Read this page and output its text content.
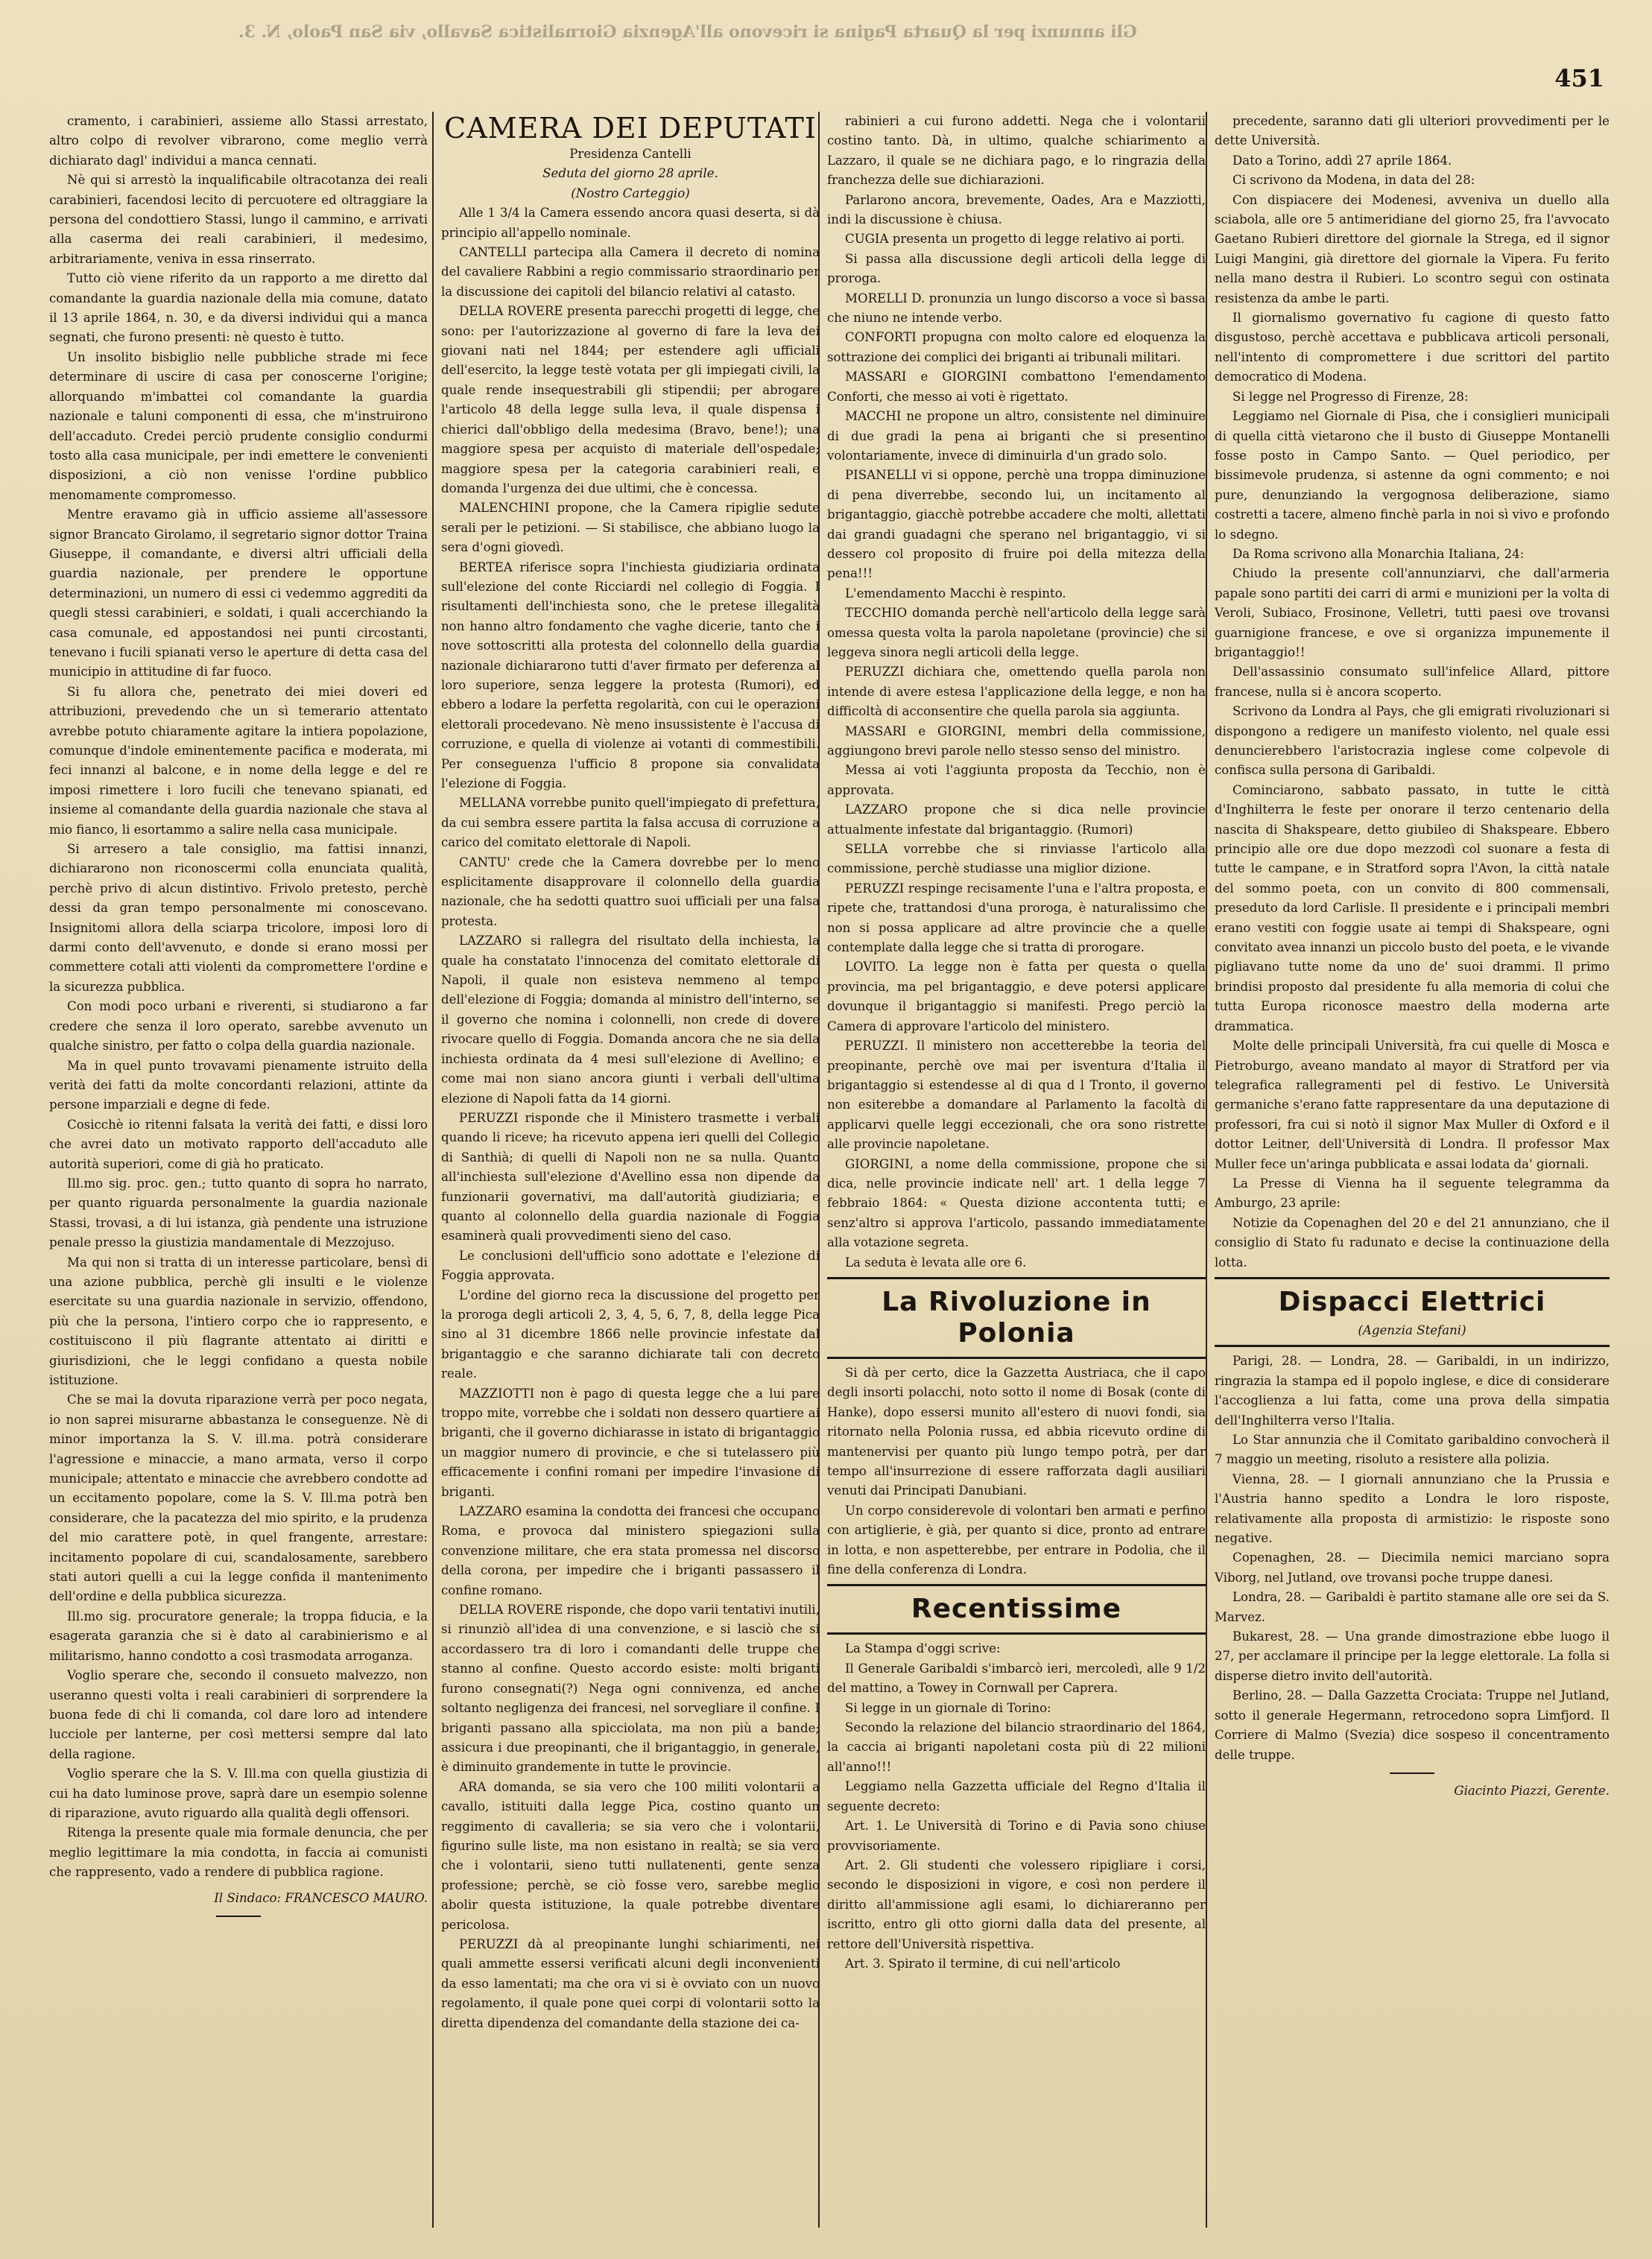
Gli annunzi per la Quarta Pagina si ricevono all'Agenzia Giornalistica Savallo, via San Paolo, N. 3.
451

cramento, i carabinieri, assieme allo Stassi arrestato, altro colpo di revolver vibrarono, come meglio verrà dichiarato dagl' individui a manca cennati.

Nè qui si arrestò la inqualificabile oltracotanza dei reali carabinieri, facendosi lecito di percuotere ed oltraggiare la persona del condottiero Stassi, lungo il cammino, e arrivati alla caserma dei reali carabinieri, il medesimo, arbitrariamente, veniva in essa rinserrato.

Tutto ciò viene riferito da un rapporto a me diretto dal comandante la guardia nazionale della mia comune, datato il 13 aprile 1864, n. 30, e da diversi individui qui a manca segnati, che furono presenti: nè questo è tutto.

Un insolito bisbiglio nelle pubbliche strade mi fece determinare di uscire di casa per conoscerne l'origine; allorquando m'imbattei col comandante la guardia nazionale e taluni componenti di essa, che m'instruirono dell'accaduto. Credei perciò prudente consiglio condurmi tosto alla casa municipale, per indi emettere le convenienti disposizioni, a ciò non venisse l'ordine pubblico menomamente compromesso.

Mentre eravamo già in ufficio assieme all'assessore signor Brancato Girolamo, il segretario signor dottor Traina Giuseppe, il comandante, e diversi altri ufficiali della guardia nazionale, per prendere le opportune determinazioni, un numero di essi ci vedemmo aggrediti da quegli stessi carabinieri, e soldati, i quali accerchiando la casa comunale, ed appostandosi nei punti circostanti, tenevano i fucili spianati verso le aperture di detta casa del municipio in attitudine di far fuoco.

Si fu allora che, penetrato dei miei doveri ed attribuzioni, prevedendo che un sì temerario attentato avrebbe potuto chiaramente agitare la intiera popolazione, comunque d'indole eminentemente pacifica e moderata, mi feci innanzi al balcone, e in nome della legge e del re imposi rimettere i loro fucili che tenevano spianati, ed insieme al comandante della guardia nazionale che stava al mio fianco, li esortammo a salire nella casa municipale.

Si arresero a tale consiglio, ma fattisi innanzi, dichiararono non riconoscermi colla enunciata qualità, perchè privo di alcun distintivo. Frivolo pretesto, perchè dessi da gran tempo personalmente mi conoscevano. Insignitomi allora della sciarpa tricolore, imposi loro di darmi conto dell'avvenuto, e donde si erano mossi per commettere cotali atti violenti da compromettere l'ordine e la sicurezza pubblica.

Con modi poco urbani e riverenti, si studiarono a far credere che senza il loro operato, sarebbe avvenuto un qualche sinistro, per fatto o colpa della guardia nazionale.

Ma in quel punto trovavami pienamente istruito della verità dei fatti da molte concordanti relazioni, attinte da persone imparziali e degne di fede.

Cosicchè io ritenni falsata la verità dei fatti, e dissi loro che avrei dato un motivato rapporto dell'accaduto alle autorità superiori, come di già ho praticato.

Ill.mo sig. proc. gen.; tutto quanto di sopra ho narrato, per quanto riguarda personalmente la guardia nazionale Stassi, trovasi, a di lui istanza, già pendente una istruzione penale presso la giustizia mandamentale di Mezzojuso.

Ma qui non si tratta di un interesse particolare, bensì di una azione pubblica, perchè gli insulti e le violenze esercitate su una guardia nazionale in servizio, offendono, più che la persona, l'intiero corpo che io rappresento, e costituiscono il più flagrante attentato ai diritti e giurisdizioni, che le leggi confidano a questa nobile istituzione.

Che se mai la dovuta riparazione verrà per poco negata, io non saprei misurarne abbastanza le conseguenze. Nè di minor importanza la S. V. ill.ma. potrà considerare l'agressione e minaccie, a mano armata, verso il corpo municipale; attentato e minaccie che avrebbero condotte ad un eccitamento popolare, come la S. V. Ill.ma potrà ben considerare, che la pacatezza del mio spirito, e la prudenza del mio carattere potè, in quel frangente, arrestare: incitamento popolare di cui, scandalosamente, sarebbero stati autori quelli a cui la legge confida il mantenimento dell'ordine e della pubblica sicurezza.

Ill.mo sig. procuratore generale; la troppa fiducia, e la esagerata garanzia che si è dato al carabinierismo e al militarismo, hanno condotto a così trasmodata arroganza.

Voglio sperare che, secondo il consueto malvezzo, non useranno questi volta i reali carabinieri di sorprendere la buona fede di chi li comanda, col dare loro ad intendere lucciole per lanterne, per così mettersi sempre dal lato della ragione.

Voglio sperare che la S. V. Ill.ma con quella giustizia di cui ha dato luminose prove, saprà dare un esempio solenne di riparazione, avuto riguardo alla qualità degli offensori.

Ritenga la presente quale mia formale denuncia, che per meglio legittimare la mia condotta, in faccia ai comunisti che rappresento, vado a rendere di pubblica ragione.

Il Sindaco: FRANCESCO MAURO.
CAMERA DEI DEPUTATI

Presidenza Cantelli

Seduta del giorno 28 aprile.

(Nostro Carteggio)

Alle 1 3/4 la Camera essendo ancora quasi deserta, si dà principio all'appello nominale.

CANTELLI partecipa alla Camera il decreto di nomina del cavaliere Rabbini a regio commissario straordinario per la discussione dei capitoli del bilancio relativi al catasto.

DELLA ROVERE presenta parecchi progetti di legge, che sono: per l'autorizzazione al governo di fare la leva dei giovani nati nel 1844; per estendere agli ufficiali dell'esercito, la legge testè votata per gli impiegati civili, la quale rende insequestrabili gli stipendii; per abrogare l'articolo 48 della legge sulla leva, il quale dispensa i chierici dall'obbligo della medesima (Bravo, bene!); una maggiore spesa per acquisto di materiale dell'ospedale; maggiore spesa per la categoria carabinieri reali, e domanda l'urgenza dei due ultimi, che è concessa.

MALENCHINI propone, che la Camera ripiglie sedute serali per le petizioni. — Si stabilisce, che abbiano luogo la sera d'ogni giovedì.

BERTEA riferisce sopra l'inchiesta giudiziaria ordinata sull'elezione del conte Ricciardi nel collegio di Foggia. I risultamenti dell'inchiesta sono, che le pretese illegalità non hanno altro fondamento che vaghe dicerie, tanto che i nove sottoscritti alla protesta del colonnello della guardia nazionale dichiararono tutti d'aver firmato per deferenza al loro superiore, senza leggere la protesta (Rumori), ed ebbero a lodare la perfetta regolarità, con cui le operazioni elettorali procedevano. Nè meno insussistente è l'accusa di corruzione, e quella di violenze ai votanti di commestibili. Per conseguenza l'ufficio 8 propone sia convalidata l'elezione di Foggia.

MELLANA vorrebbe punito quell'impiegato di prefettura, da cui sembra essere partita la falsa accusa di corruzione a carico del comitato elettorale di Napoli.

CANTU' crede che la Camera dovrebbe per lo meno esplicitamente disapprovare il colonnello della guardia nazionale, che ha sedotti quattro suoi ufficiali per una falsa protesta.

LAZZARO si rallegra del risultato della inchiesta, la quale ha constatato l'innocenza del comitato elettorale di Napoli, il quale non esisteva nemmeno al tempo dell'elezione di Foggia; domanda al ministro dell'interno, se il governo che nomina i colonnelli, non crede di dovere rivocare quello di Foggia. Domanda ancora che ne sia della inchiesta ordinata da 4 mesi sull'elezione di Avellino; e come mai non siano ancora giunti i verbali dell'ultima elezione di Napoli fatta da 14 giorni.

PERUZZI risponde che il Ministero trasmette i verbali quando li riceve; ha ricevuto appena ieri quelli del Collegio di Santhià; di quelli di Napoli non ne sa nulla. Quanto all'inchiesta sull'elezione d'Avellino essa non dipende da funzionarii governativi, ma dall'autorità giudiziaria; e quanto al colonnello della guardia nazionale di Foggia esaminerà quali provvedimenti sieno del caso.

Le conclusioni dell'ufficio sono adottate e l'elezione di Foggia approvata.

L'ordine del giorno reca la discussione del progetto per la proroga degli articoli 2, 3, 4, 5, 6, 7, 8, della legge Pica sino al 31 dicembre 1866 nelle provincie infestate dal brigantaggio e che saranno dichiarate tali con decreto reale.

MAZZIOTTI non è pago di questa legge che a lui pare troppo mite, vorrebbe che i soldati non dessero quartiere ai briganti, che il governo dichiarasse in istato di brigantaggio un maggior numero di provincie, e che si tutelassero più efficacemente i confini romani per impedire l'invasione di briganti.

LAZZARO esamina la condotta dei francesi che occupano Roma, e provoca dal ministero spiegazioni sulla convenzione militare, che era stata promessa nel discorso della corona, per impedire che i briganti passassero il confine romano.

DELLA ROVERE risponde, che dopo varii tentativi inutili, si rinunziò all'idea di una convenzione, e si lasciò che si accordassero tra di loro i comandanti delle truppe che stanno al confine. Questo accordo esiste: molti briganti furono consegnati(?) Nega ogni connivenza, ed anche soltanto negligenza dei francesi, nel sorvegliare il confine. I briganti passano alla spicciolata, ma non più a bande; assicura i due preopinanti, che il brigantaggio, in generale, è diminuito grandemente in tutte le provincie.

ARA domanda, se sia vero che 100 militi volontarii a cavallo, istituiti dalla legge Pica, costino quanto un reggimento di cavalleria; se sia vero che i volontarii, figurino sulle liste, ma non esistano in realtà; se sia vero che i volontarii, sieno tutti nullatenenti, gente senza professione; perchè, se ciò fosse vero, sarebbe meglio abolir questa istituzione, la quale potrebbe diventare pericolosa.

PERUZZI dà al preopinante lunghi schiarimenti, nei quali ammette essersi verificati alcuni degli inconvenienti da esso lamentati; ma che ora vi si è ovviato con un nuovo regolamento, il quale pone quei corpi di volontarii sotto la diretta dipendenza del comandante della stazione dei ca-

rabinieri a cui furono addetti. Nega che i volontarii costino tanto. Dà, in ultimo, qualche schiarimento a Lazzaro, il quale se ne dichiara pago, e lo ringrazia della franchezza delle sue dichiarazioni.

Parlarono ancora, brevemente, Oades, Ara e Mazziotti, indi la discussione è chiusa.

CUGIA presenta un progetto di legge relativo ai porti.

Si passa alla discussione degli articoli della legge di proroga.

MORELLI D. pronunzia un lungo discorso a voce sì bassa che niuno ne intende verbo.

CONFORTI propugna con molto calore ed eloquenza la sottrazione dei complici dei briganti ai tribunali militari.

MASSARI e GIORGINI combattono l'emendamento Conforti, che messo ai voti è rigettato.

MACCHI ne propone un altro, consistente nel diminuire di due gradi la pena ai briganti che si presentino volontariamente, invece di diminuirla d'un grado solo.

PISANELLI vi si oppone, perchè una troppa diminuzione di pena diverrebbe, secondo lui, un incitamento al brigantaggio, giacchè potrebbe accadere che molti, allettati dai grandi guadagni che sperano nel brigantaggio, vi si dessero col proposito di fruire poi della mitezza della pena!!!

L'emendamento Macchi è respinto.

TECCHIO domanda perchè nell'articolo della legge sarà omessa questa volta la parola napoletane (provincie) che si leggeva sinora negli articoli della legge.

PERUZZI dichiara che, omettendo quella parola non intende di avere estesa l'applicazione della legge, e non ha difficoltà di acconsentire che quella parola sia aggiunta.

MASSARI e GIORGINI, membri della commissione, aggiungono brevi parole nello stesso senso del ministro.

Messa ai voti l'aggiunta proposta da Tecchio, non è approvata.

LAZZARO propone che si dica nelle provincie attualmente infestate dal brigantaggio. (Rumori)

SELLA vorrebbe che si rinviasse l'articolo alla commissione, perchè studiasse una miglior dizione.

PERUZZI respinge recisamente l'una e l'altra proposta, e ripete che, trattandosi d'una proroga, è naturalissimo che non si possa applicare ad altre provincie che a quelle contemplate dalla legge che si tratta di prorogare.

LOVITO. La legge non è fatta per questa o quella provincia, ma pel brigantaggio, e deve potersi applicare dovunque il brigantaggio si manifesti. Prego perciò la Camera di approvare l'articolo del ministero.

PERUZZI. Il ministero non accetterebbe la teoria del preopinante, perchè ove mai per isventura d'Italia il brigantaggio si estendesse al di qua d l Tronto, il governo non esiterebbe a domandare al Parlamento la facoltà di applicarvi quelle leggi eccezionali, che ora sono ristrette alle provincie napoletane.

GIORGINI, a nome della commissione, propone che si dica, nelle provincie indicate nell' art. 1 della legge 7 febbraio 1864: « Questa dizione accontenta tutti; e senz'altro si approva l'articolo, passando immediatamente alla votazione segreta.

La seduta è levata alle ore 6.

La Rivoluzione in Polonia

Si dà per certo, dice la Gazzetta Austriaca, che il capo degli insorti polacchi, noto sotto il nome di Bosak (conte di Hanke), dopo essersi munito all'estero di nuovi fondi, sia ritornato nella Polonia russa, ed abbia ricevuto ordine di mantenervisi per quanto più lungo tempo potrà, per dar tempo all'insurrezione di essere rafforzata dagli ausiliari venuti dai Principati Danubiani.

Un corpo considerevole di volontari ben armati e perfino con artiglierie, è già, per quanto si dice, pronto ad entrare in lotta, e non aspetterebbe, per entrare in Podolia, che il fine della conferenza di Londra.

Recentissime

La Stampa d'oggi scrive:

Il Generale Garibaldi s'imbarcò ieri, mercoledì, alle 9 1/2 del mattino, a Towey in Cornwall per Caprera.

Si legge in un giornale di Torino:

Secondo la relazione del bilancio straordinario del 1864, la caccia ai briganti napoletani costa più di 22 milioni all'anno!!!

Leggiamo nella Gazzetta ufficiale del Regno d'Italia il seguente decreto:

Art. 1. Le Università di Torino e di Pavia sono chiuse provvisoriamente.

Art. 2. Gli studenti che volessero ripigliare i corsi, secondo le disposizioni in vigore, e così non perdere il diritto all'ammissione agli esami, lo dichiareranno per iscritto, entro gli otto giorni dalla data del presente, al rettore dell'Università rispettiva.

Art. 3. Spirato il termine, di cui nell'articolo

precedente, saranno dati gli ulteriori provvedimenti per le dette Università.

Dato a Torino, addì 27 aprile 1864.

Ci scrivono da Modena, in data del 28:

Con dispiacere dei Modenesi, avveniva un duello alla sciabola, alle ore 5 antimeridiane del giorno 25, fra l'avvocato Gaetano Rubieri direttore del giornale la Strega, ed il signor Luigi Mangini, già direttore del giornale la Vipera. Fu ferito nella mano destra il Rubieri. Lo scontro seguì con ostinata resistenza da ambe le parti.

Il giornalismo governativo fu cagione di questo fatto disgustoso, perchè accettava e pubblicava articoli personali, nell'intento di compromettere i due scrittori del partito democratico di Modena.

Si legge nel Progresso di Firenze, 28:

Leggiamo nel Giornale di Pisa, che i consiglieri municipali di quella città vietarono che il busto di Giuseppe Montanelli fosse posto in Campo Santo. — Quel periodico, per bissimevole prudenza, si astenne da ogni commento; e noi pure, denunziando la vergognosa deliberazione, siamo costretti a tacere, almeno finchè parla in noi sì vivo e profondo lo sdegno.

Da Roma scrivono alla Monarchia Italiana, 24:

Chiudo la presente coll'annunziarvi, che dall'armeria papale sono partiti dei carri di armi e munizioni per la volta di Veroli, Subiaco, Frosinone, Velletri, tutti paesi ove trovansi guarnigione francese, e ove si organizza impunemente il brigantaggio!!

Dell'assassinio consumato sull'infelice Allard, pittore francese, nulla si è ancora scoperto.

Scrivono da Londra al Pays, che gli emigrati rivoluzionari si dispongono a redigere un manifesto violento, nel quale essi denuncierebbero l'aristocrazia inglese come colpevole di confisca sulla persona di Garibaldi.

Cominciarono, sabbato passato, in tutte le città d'Inghilterra le feste per onorare il terzo centenario della nascita di Shakspeare, detto giubileo di Shakspeare. Ebbero principio alle ore due dopo mezzodì col suonare a festa di tutte le campane, e in Stratford sopra l'Avon, la città natale del sommo poeta, con un convito di 800 commensali, preseduto da lord Carlisle. Il presidente e i principali membri erano vestiti con foggie usate ai tempi di Shakspeare, ogni convitato avea innanzi un piccolo busto del poeta, e le vivande pigliavano tutte nome da uno de' suoi drammi. Il primo brindisi proposto dal presidente fu alla memoria di colui che tutta Europa riconosce maestro della moderna arte drammatica.

Molte delle principali Università, fra cui quelle di Mosca e Pietroburgo, aveano mandato al mayor di Stratford per via telegrafica rallegramenti pel di festivo. Le Università germaniche s'erano fatte rappresentare da una deputazione di professori, fra cui si notò il signor Max Muller di Oxford e il dottor Leitner, dell'Università di Londra. Il professor Max Muller fece un'aringa pubblicata e assai lodata da' giornali.

La Presse di Vienna ha il seguente telegramma da Amburgo, 23 aprile:

Notizie da Copenaghen del 20 e del 21 annunziano, che il consiglio di Stato fu radunato e decise la continuazione della lotta.

Dispacci Elettrici

(Agenzia Stefani)

Parigi, 28. — Londra, 28. — Garibaldi, in un indirizzo, ringrazia la stampa ed il popolo inglese, e dice di considerare l'accoglienza a lui fatta, come una prova della simpatia dell'Inghilterra verso l'Italia.

Lo Star annunzia che il Comitato garibaldino convocherà il 7 maggio un meeting, risoluto a resistere alla polizia.

Vienna, 28. — I giornali annunziano che la Prussia e l'Austria hanno spedito a Londra le loro risposte, relativamente alla proposta di armistizio: le risposte sono negative.

Copenaghen, 28. — Diecimila nemici marciano sopra Viborg, nel Jutland, ove trovansi poche truppe danesi.

Londra, 28. — Garibaldi è partito stamane alle ore sei da S. Marvez.

Bukarest, 28. — Una grande dimostrazione ebbe luogo il 27, per acclamare il principe per la legge elettorale. La folla si disperse dietro invito dell'autorità.

Berlino, 28. — Dalla Gazzetta Crociata: Truppe nel Jutland, sotto il generale Hegermann, retrocedono sopra Limfjord. Il Corriere di Malmo (Svezia) dice sospeso il concentramento delle truppe.

Giacinto Piazzi, Gerente.
